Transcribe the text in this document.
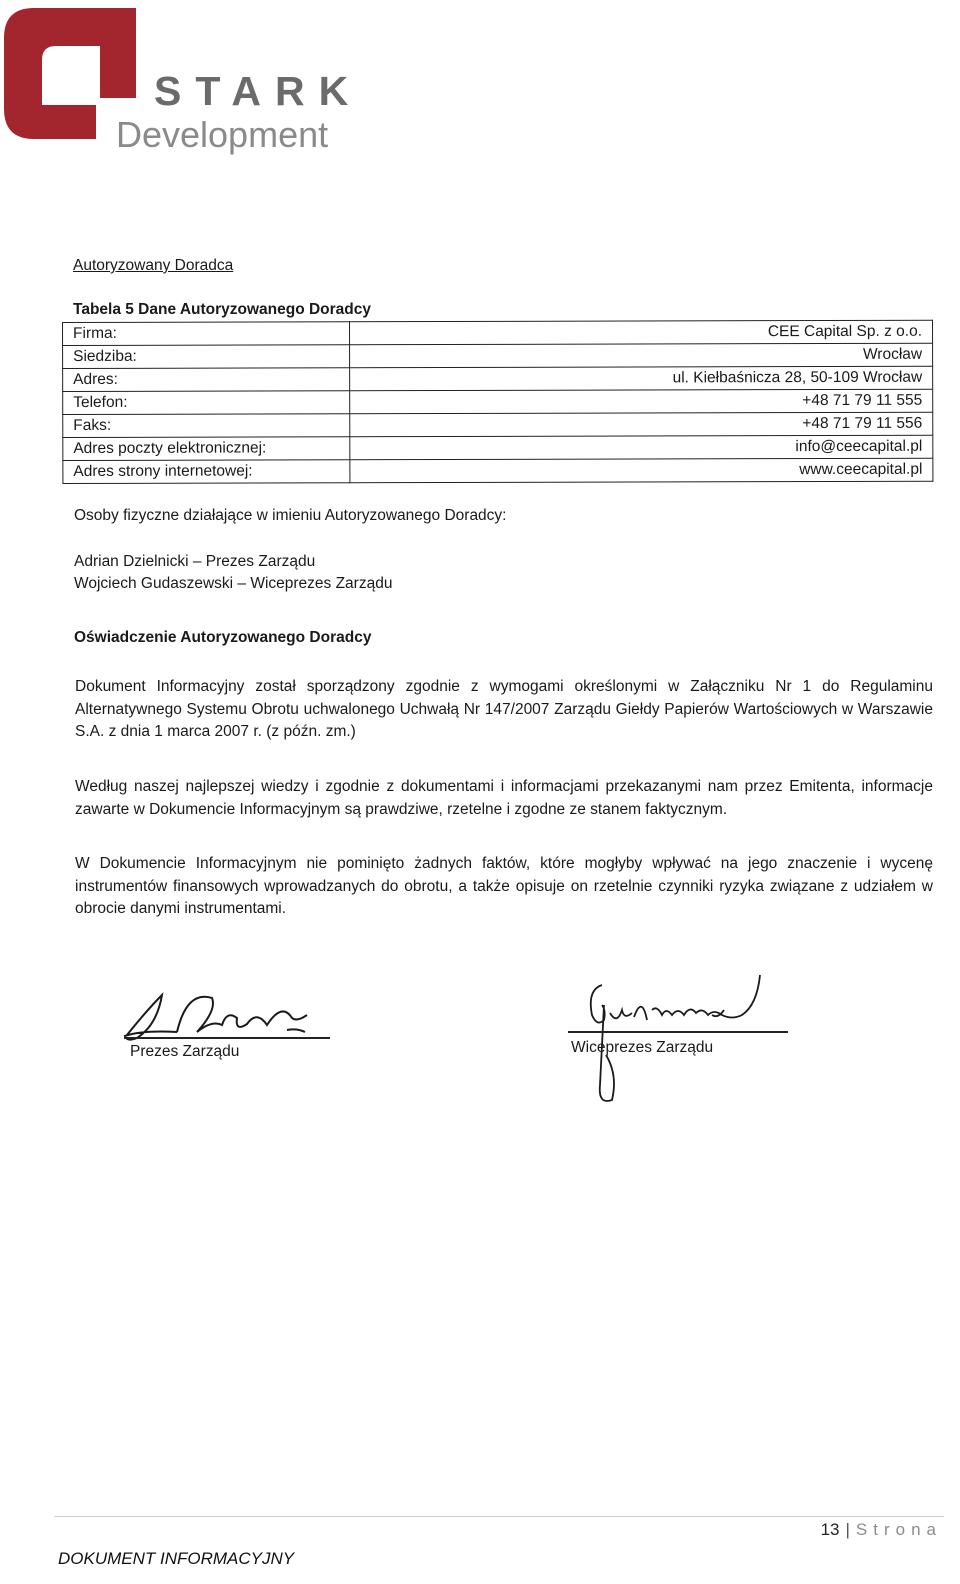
STARK
Development
Autoryzowany Doradca
Tabela 5 Dane Autoryzowanego Doradcy
Firma:	CEE Capital Sp. z o.o.
Siedziba:	Wrocław
Adres:	ul. Kiełbaśnicza 28, 50-109 Wrocław
Telefon:	+48 71 79 11 555
Faks:	+48 71 79 11 556
Adres poczty elektronicznej:	info@ceecapital.pl
Adres strony internetowej:	www.ceecapital.pl
Osoby fizyczne działające w imieniu Autoryzowanego Doradcy:
Adrian Dzielnicki – Prezes Zarządu
Wojciech Gudaszewski – Wiceprezes Zarządu
Oświadczenie Autoryzowanego Doradcy
Dokument Informacyjny został sporządzony zgodnie z wymogami określonymi w Załączniku Nr 1 do Regulaminu Alternatywnego Systemu Obrotu uchwalonego Uchwałą Nr 147/2007 Zarządu Giełdy Papierów Wartościowych w Warszawie S.A. z dnia 1 marca 2007 r. (z późn. zm.)
Według naszej najlepszej wiedzy i zgodnie z dokumentami i informacjami przekazanymi nam przez Emitenta, informacje zawarte w Dokumencie Informacyjnym są prawdziwe, rzetelne i zgodne ze stanem faktycznym.
W Dokumencie Informacyjnym nie pominięto żadnych faktów, które mogłyby wpływać na jego znaczenie i wycenę instrumentów finansowych wprowadzanych do obrotu, a także opisuje on rzetelnie czynniki ryzyka związane z udziałem w obrocie danymi instrumentami.
Prezes Zarządu	Wiceprezes Zarządu
13 | Strona
DOKUMENT INFORMACYJNY
